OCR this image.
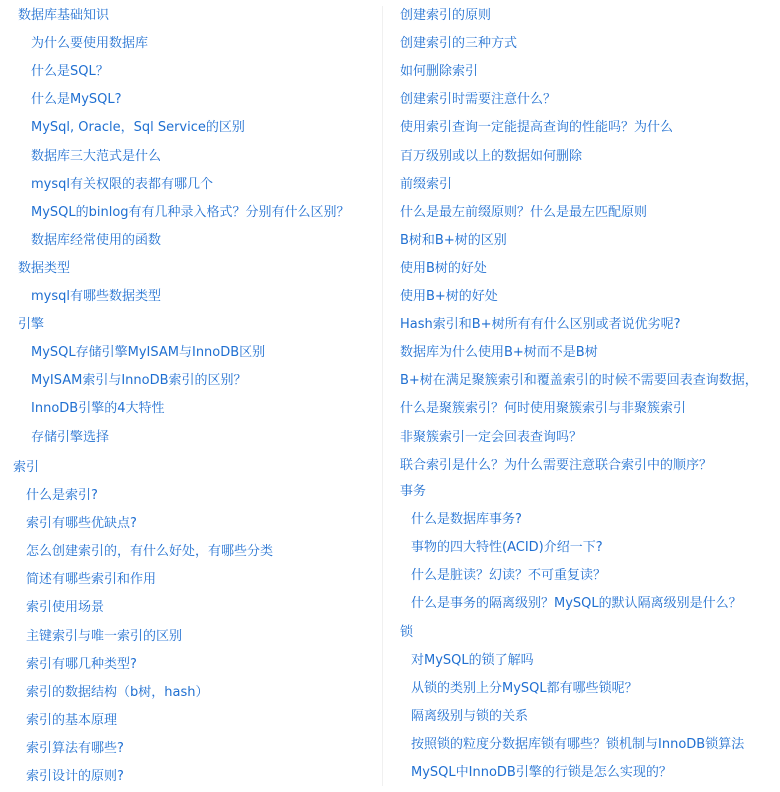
数据库基础知识
为什么要使用数据库
什么是SQL？
什么是MySQL?
MySql, Oracle，Sql Service的区别
数据库三大范式是什么
mysql有关权限的表都有哪几个
MySQL的binlog有有几种录入格式？分别有什么区别？
数据库经常使用的函数
数据类型
mysql有哪些数据类型
引擎
MySQL存储引擎MyISAM与InnoDB区别
MyISAM索引与InnoDB索引的区别？
InnoDB引擎的4大特性
存储引擎选择
索引
什么是索引?
索引有哪些优缺点?
怎么创建索引的，有什么好处，有哪些分类
简述有哪些索引和作用
索引使用场景
主键索引与唯一索引的区别
索引有哪几种类型?
索引的数据结构（b树，hash）
索引的基本原理
索引算法有哪些?
索引设计的原则?
创建索引的原则
创建索引的三种方式
如何删除索引
创建索引时需要注意什么？
使用索引查询一定能提高查询的性能吗？为什么
百万级别或以上的数据如何删除
前缀索引
什么是最左前缀原则？什么是最左匹配原则
B树和B+树的区别
使用B树的好处
使用B+树的好处
Hash索引和B+树所有有什么区别或者说优劣呢?
数据库为什么使用B+树而不是B树
B+树在满足聚簇索引和覆盖索引的时候不需要回表查询数据，
什么是聚簇索引？何时使用聚簇索引与非聚簇索引
非聚簇索引一定会回表查询吗？
联合索引是什么？为什么需要注意联合索引中的顺序？
事务
什么是数据库事务?
事物的四大特性(ACID)介绍一下?
什么是脏读？幻读？不可重复读？
什么是事务的隔离级别？MySQL的默认隔离级别是什么？
锁
对MySQL的锁了解吗
从锁的类别上分MySQL都有哪些锁呢？
隔离级别与锁的关系
按照锁的粒度分数据库锁有哪些？锁机制与InnoDB锁算法
MySQL中InnoDB引擎的行锁是怎么实现的？
